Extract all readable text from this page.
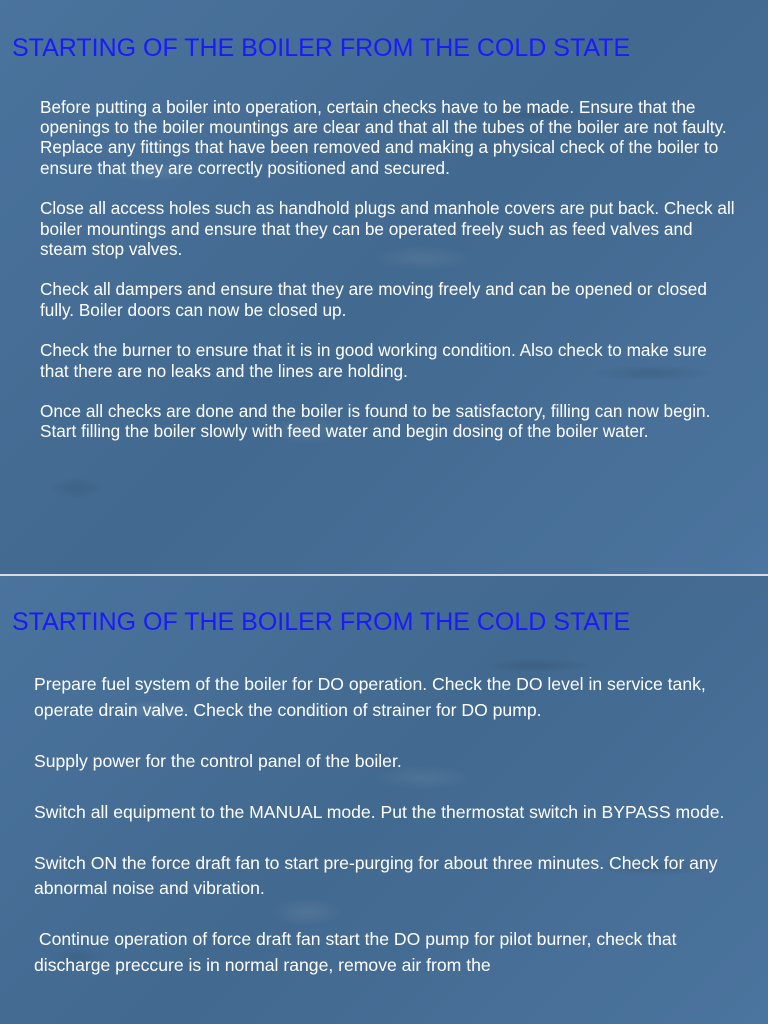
STARTING OF THE BOILER FROM THE COLD STATE

Before putting a boiler into operation, certain checks have to be made. Ensure that the openings to the boiler mountings are clear and that all the tubes of the boiler are not faulty. Replace any fittings that have been removed and making a physical check of the boiler to ensure that they are correctly positioned and secured.

Close all access holes such as handhold plugs and manhole covers are put back. Check all boiler mountings and ensure that they can be operated freely such as feed valves and steam stop valves.

Check all dampers and ensure that they are moving freely and can be opened or closed fully. Boiler doors can now be closed up.

Check the burner to ensure that it is in good working condition. Also check to make sure that there are no leaks and the lines are holding.

Once all checks are done and the boiler is found to be satisfactory, filling can now begin. Start filling the boiler slowly with feed water and begin dosing of the boiler water.

STARTING OF THE BOILER FROM THE COLD STATE

Prepare fuel system of the boiler for DO operation. Check the DO level in service tank, operate drain valve. Check the condition of strainer for DO pump.

Supply power for the control panel of the boiler.

Switch all equipment to the MANUAL mode. Put the thermostat switch in BYPASS mode.

Switch ON the force draft fan to start pre-purging for about three minutes. Check for any abnormal noise and vibration.

Continue operation of force draft fan start the DO pump for pilot burner, check that discharge preccure is in normal range, remove air from the
